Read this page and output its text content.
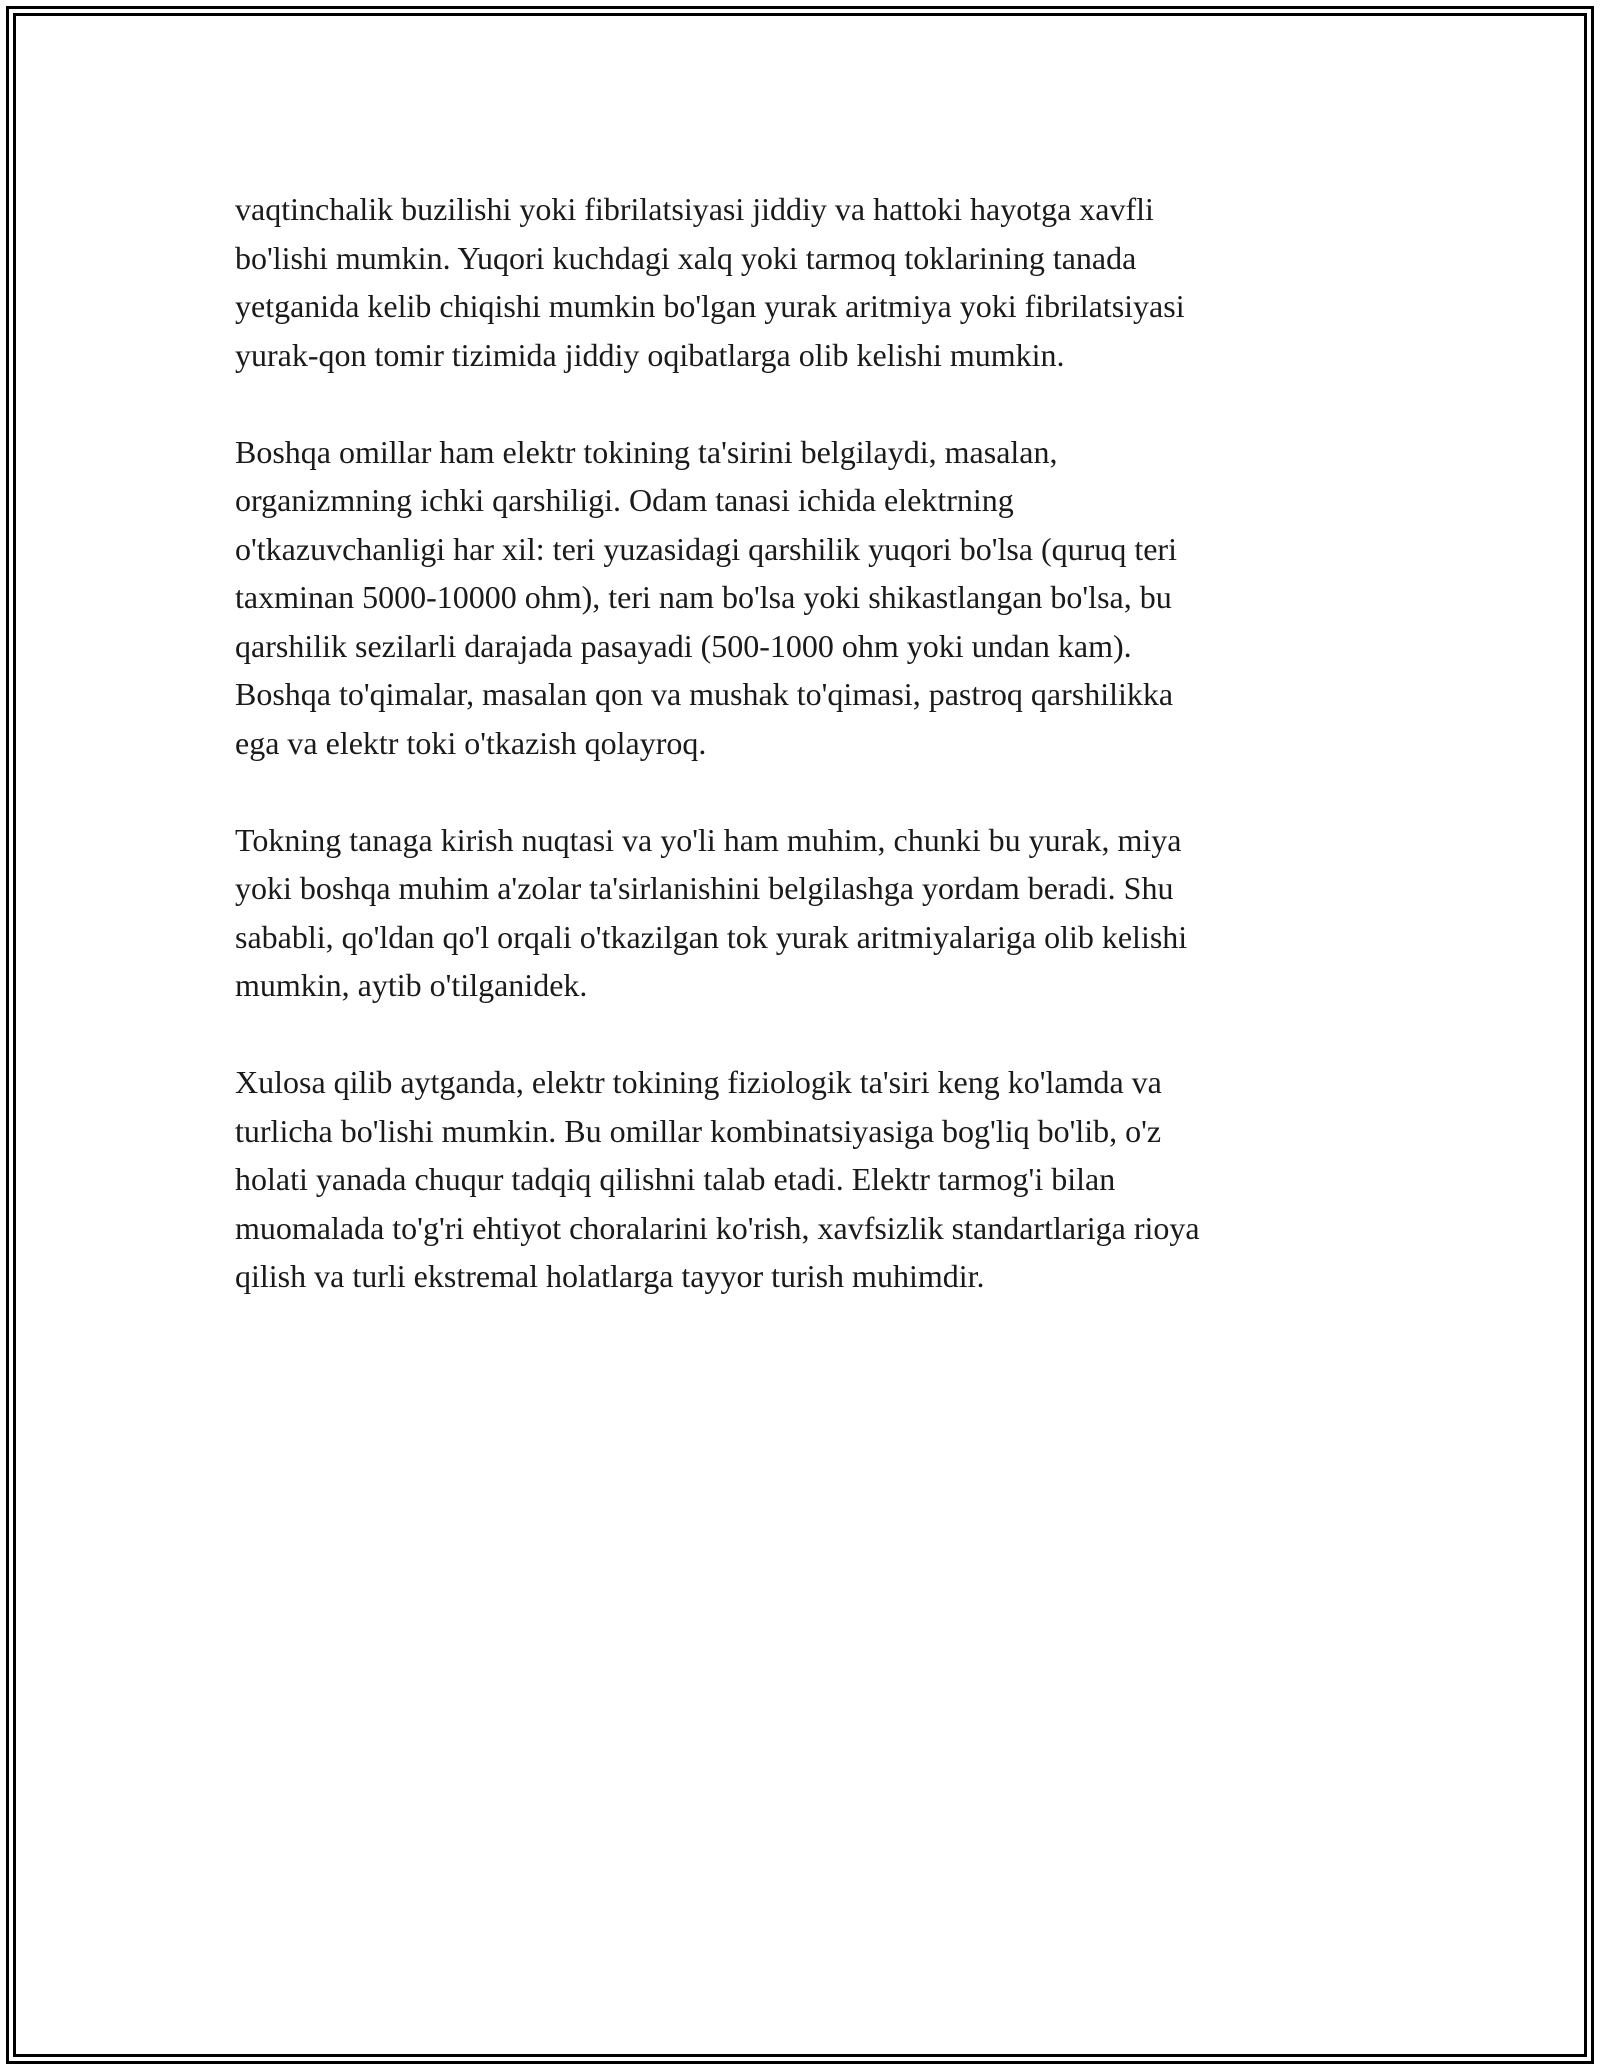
vaqtinchalik buzilishi yoki fibrilatsiyasi jiddiy va hattoki hayotga xavfli
bo'lishi mumkin. Yuqori kuchdagi xalq yoki tarmoq toklarining tanada
yetganida kelib chiqishi mumkin bo'lgan yurak aritmiya yoki fibrilatsiyasi
yurak-qon tomir tizimida jiddiy oqibatlarga olib kelishi mumkin.

Boshqa omillar ham elektr tokining ta'sirini belgilaydi, masalan,
organizmning ichki qarshiligi. Odam tanasi ichida elektrning
o'tkazuvchanligi har xil: teri yuzasidagi qarshilik yuqori bo'lsa (quruq teri
taxminan 5000-10000 ohm), teri nam bo'lsa yoki shikastlangan bo'lsa, bu
qarshilik sezilarli darajada pasayadi (500-1000 ohm yoki undan kam).
Boshqa to'qimalar, masalan qon va mushak to'qimasi, pastroq qarshilikka
ega va elektr toki o'tkazish qolayroq.

Tokning tanaga kirish nuqtasi va yo'li ham muhim, chunki bu yurak, miya
yoki boshqa muhim a'zolar ta'sirlanishini belgilashga yordam beradi. Shu
sababli, qo'ldan qo'l orqali o'tkazilgan tok yurak aritmiyalariga olib kelishi
mumkin, aytib o'tilganidek.

Xulosa qilib aytganda, elektr tokining fiziologik ta'siri keng ko'lamda va
turlicha bo'lishi mumkin. Bu omillar kombinatsiyasiga bog'liq bo'lib, o'z
holati yanada chuqur tadqiq qilishni talab etadi. Elektr tarmog'i bilan
muomalada to'g'ri ehtiyot choralarini ko'rish, xavfsizlik standartlariga rioya
qilish va turli ekstremal holatlarga tayyor turish muhimdir.
